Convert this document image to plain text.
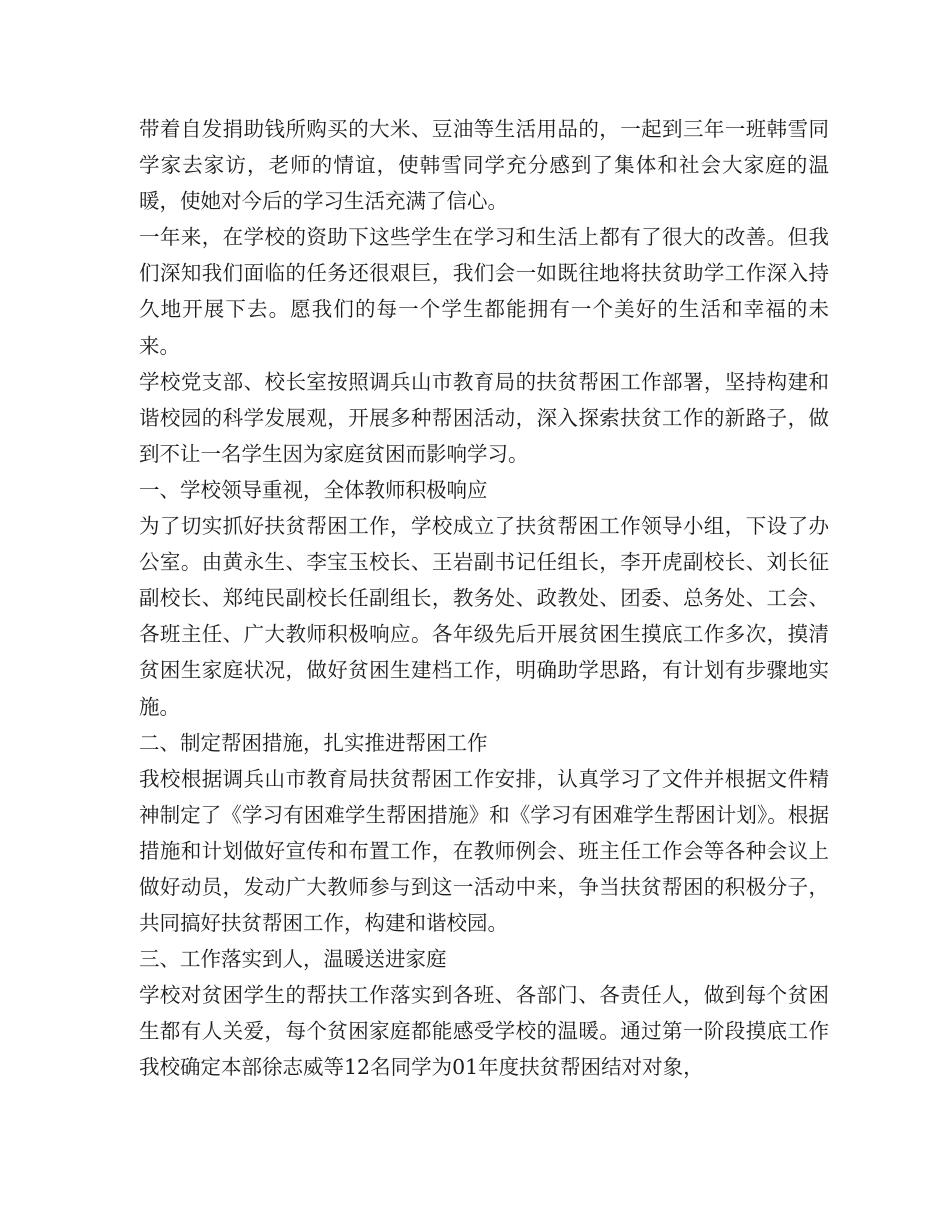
带着自发捐助钱所购买的大米、豆油等生活用品的，一起到三年一班韩雪同学家去家访，老师的情谊，使韩雪同学充分感到了集体和社会大家庭的温暖，使她对今后的学习生活充满了信心。

一年来，在学校的资助下这些学生在学习和生活上都有了很大的改善。但我们深知我们面临的任务还很艰巨，我们会一如既往地将扶贫助学工作深入持久地开展下去。愿我们的每一个学生都能拥有一个美好的生活和幸福的未来。

学校党支部、校长室按照调兵山市教育局的扶贫帮困工作部署，坚持构建和谐校园的科学发展观，开展多种帮困活动，深入探索扶贫工作的新路子，做到不让一名学生因为家庭贫困而影响学习。

一、学校领导重视，全体教师积极响应

为了切实抓好扶贫帮困工作，学校成立了扶贫帮困工作领导小组，下设了办公室。由黄永生、李宝玉校长、王岩副书记任组长，李开虎副校长、刘长征副校长、郑纯民副校长任副组长，教务处、政教处、团委、总务处、工会、各班主任、广大教师积极响应。各年级先后开展贫困生摸底工作多次，摸清贫困生家庭状况，做好贫困生建档工作，明确助学思路，有计划有步骤地实施。

二、制定帮困措施，扎实推进帮困工作

我校根据调兵山市教育局扶贫帮困工作安排，认真学习了文件并根据文件精神制定了《学习有困难学生帮困措施》和《学习有困难学生帮困计划》。根据措施和计划做好宣传和布置工作，在教师例会、班主任工作会等各种会议上做好动员，发动广大教师参与到这一活动中来，争当扶贫帮困的积极分子，共同搞好扶贫帮困工作，构建和谐校园。

三、工作落实到人，温暖送进家庭

学校对贫困学生的帮扶工作落实到各班、各部门、各责任人，做到每个贫困生都有人关爱，每个贫困家庭都能感受学校的温暖。通过第一阶段摸底工作我校确定本部徐志威等12名同学为01年度扶贫帮困结对对象，
